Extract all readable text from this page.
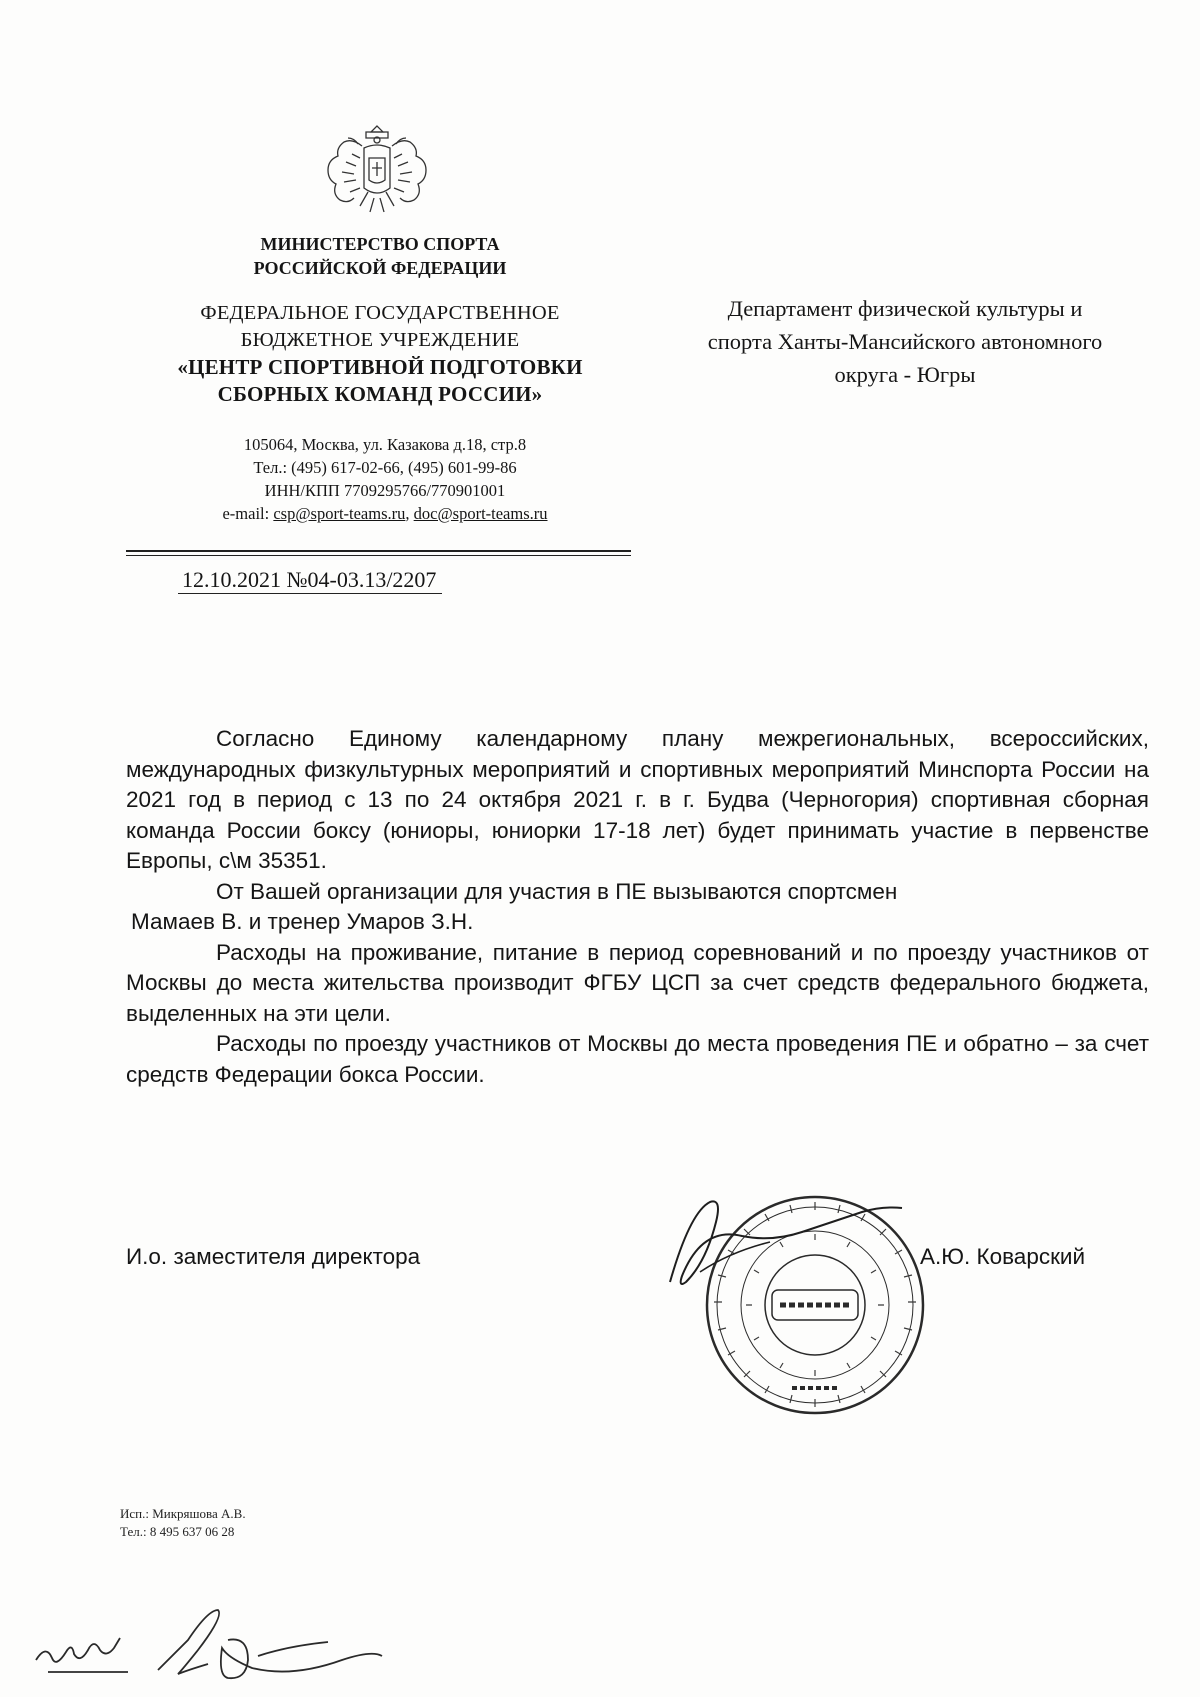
МИНИСТЕРСТВО СПОРТА
РОССИЙСКОЙ ФЕДЕРАЦИИ
ФЕДЕРАЛЬНОЕ ГОСУДАРСТВЕННОЕ
БЮДЖЕТНОЕ УЧРЕЖДЕНИЕ
«ЦЕНТР СПОРТИВНОЙ ПОДГОТОВКИ
СБОРНЫХ КОМАНД РОССИИ»
105064, Москва, ул. Казакова д.18, стр.8
Тел.: (495) 617-02-66, (495) 601-99-86
ИНН/КПП 7709295766/770901001
e-mail: csp@sport-teams.ru, doc@sport-teams.ru
12.10.2021 №04-03.13/2207
Департамент физической культуры и
спорта Ханты-Мансийского автономного
округа - Югры

Согласно Единому календарному плану межрегиональных, всероссийских, международных физкультурных мероприятий и спортивных мероприятий Минспорта России на 2021 год в период с 13 по 24 октября 2021 г. в г. Будва (Черногория) спортивная сборная команда России боксу (юниоры, юниорки 17-18 лет) будет принимать участие в первенстве Европы, с\м 35351.

От Вашей организации для участия в ПЕ вызываются спортсмен

Мамаев В. и тренер Умаров З.Н.

Расходы на проживание, питание в период соревнований и по проезду участников от Москвы до места жительства производит ФГБУ ЦСП за счет средств федерального бюджета, выделенных на эти цели.

Расходы по проезду участников от Москвы до места проведения ПЕ и обратно – за счет средств Федерации бокса России.

И.о. заместителя директора	А.Ю. Коварский
Исп.: Микряшова А.В.
Тел.: 8 495 637 06 28
